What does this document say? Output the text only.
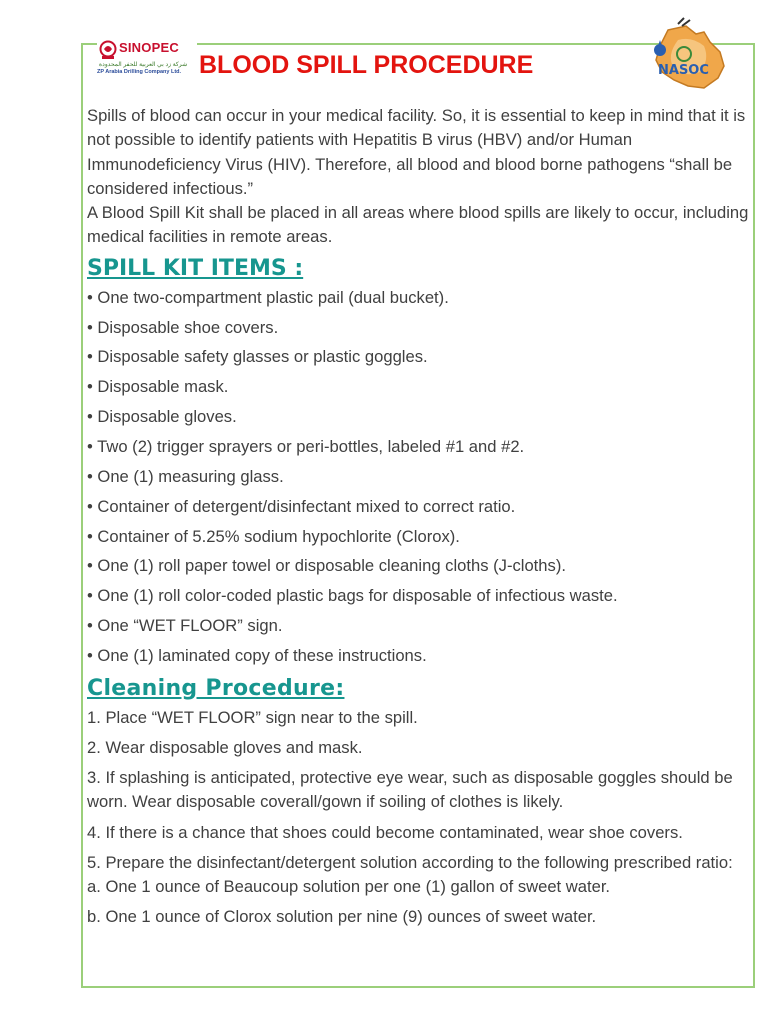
SINOPEC
شركة زد بي العربية للحفر المحدودة
ZP Arabia Drilling Company Ltd. BLOOD SPILL PROCEDURE	NASOC

Spills of blood can occur in your medical facility. So, it is essential to keep in mind that it is not possible to identify patients with Hepatitis B virus (HBV) and/or Human Immunodeficiency Virus (HIV). Therefore, all blood and blood borne pathogens “shall be considered infectious.”

A Blood Spill Kit shall be placed in all areas where blood spills are likely to occur, including medical facilities in remote areas.

SPILL KIT ITEMS :
• One two-compartment plastic pail (dual bucket).
• Disposable shoe covers.
• Disposable safety glasses or plastic goggles.
• Disposable mask.
• Disposable gloves.
• Two (2) trigger sprayers or peri-bottles, labeled #1 and #2.
• One (1) measuring glass.
• Container of detergent/disinfectant mixed to correct ratio.
• Container of 5.25% sodium hypochlorite (Clorox).
• One (1) roll paper towel or disposable cleaning cloths (J-cloths).
• One (1) roll color-coded plastic bags for disposable of infectious waste.
• One “WET FLOOR” sign.
• One (1) laminated copy of these instructions.
Cleaning Procedure:
1. Place “WET FLOOR” sign near to the spill.
2. Wear disposable gloves and mask.
3. If splashing is anticipated, protective eye wear, such as disposable goggles should be worn. Wear disposable coverall/gown if soiling of clothes is likely.
4. If there is a chance that shoes could become contaminated, wear shoe covers.
5. Prepare the disinfectant/detergent solution according to the following prescribed ratio:
a. One 1 ounce of Beaucoup solution per one (1) gallon of sweet water.
b. One 1 ounce of Clorox solution per nine (9) ounces of sweet water.
